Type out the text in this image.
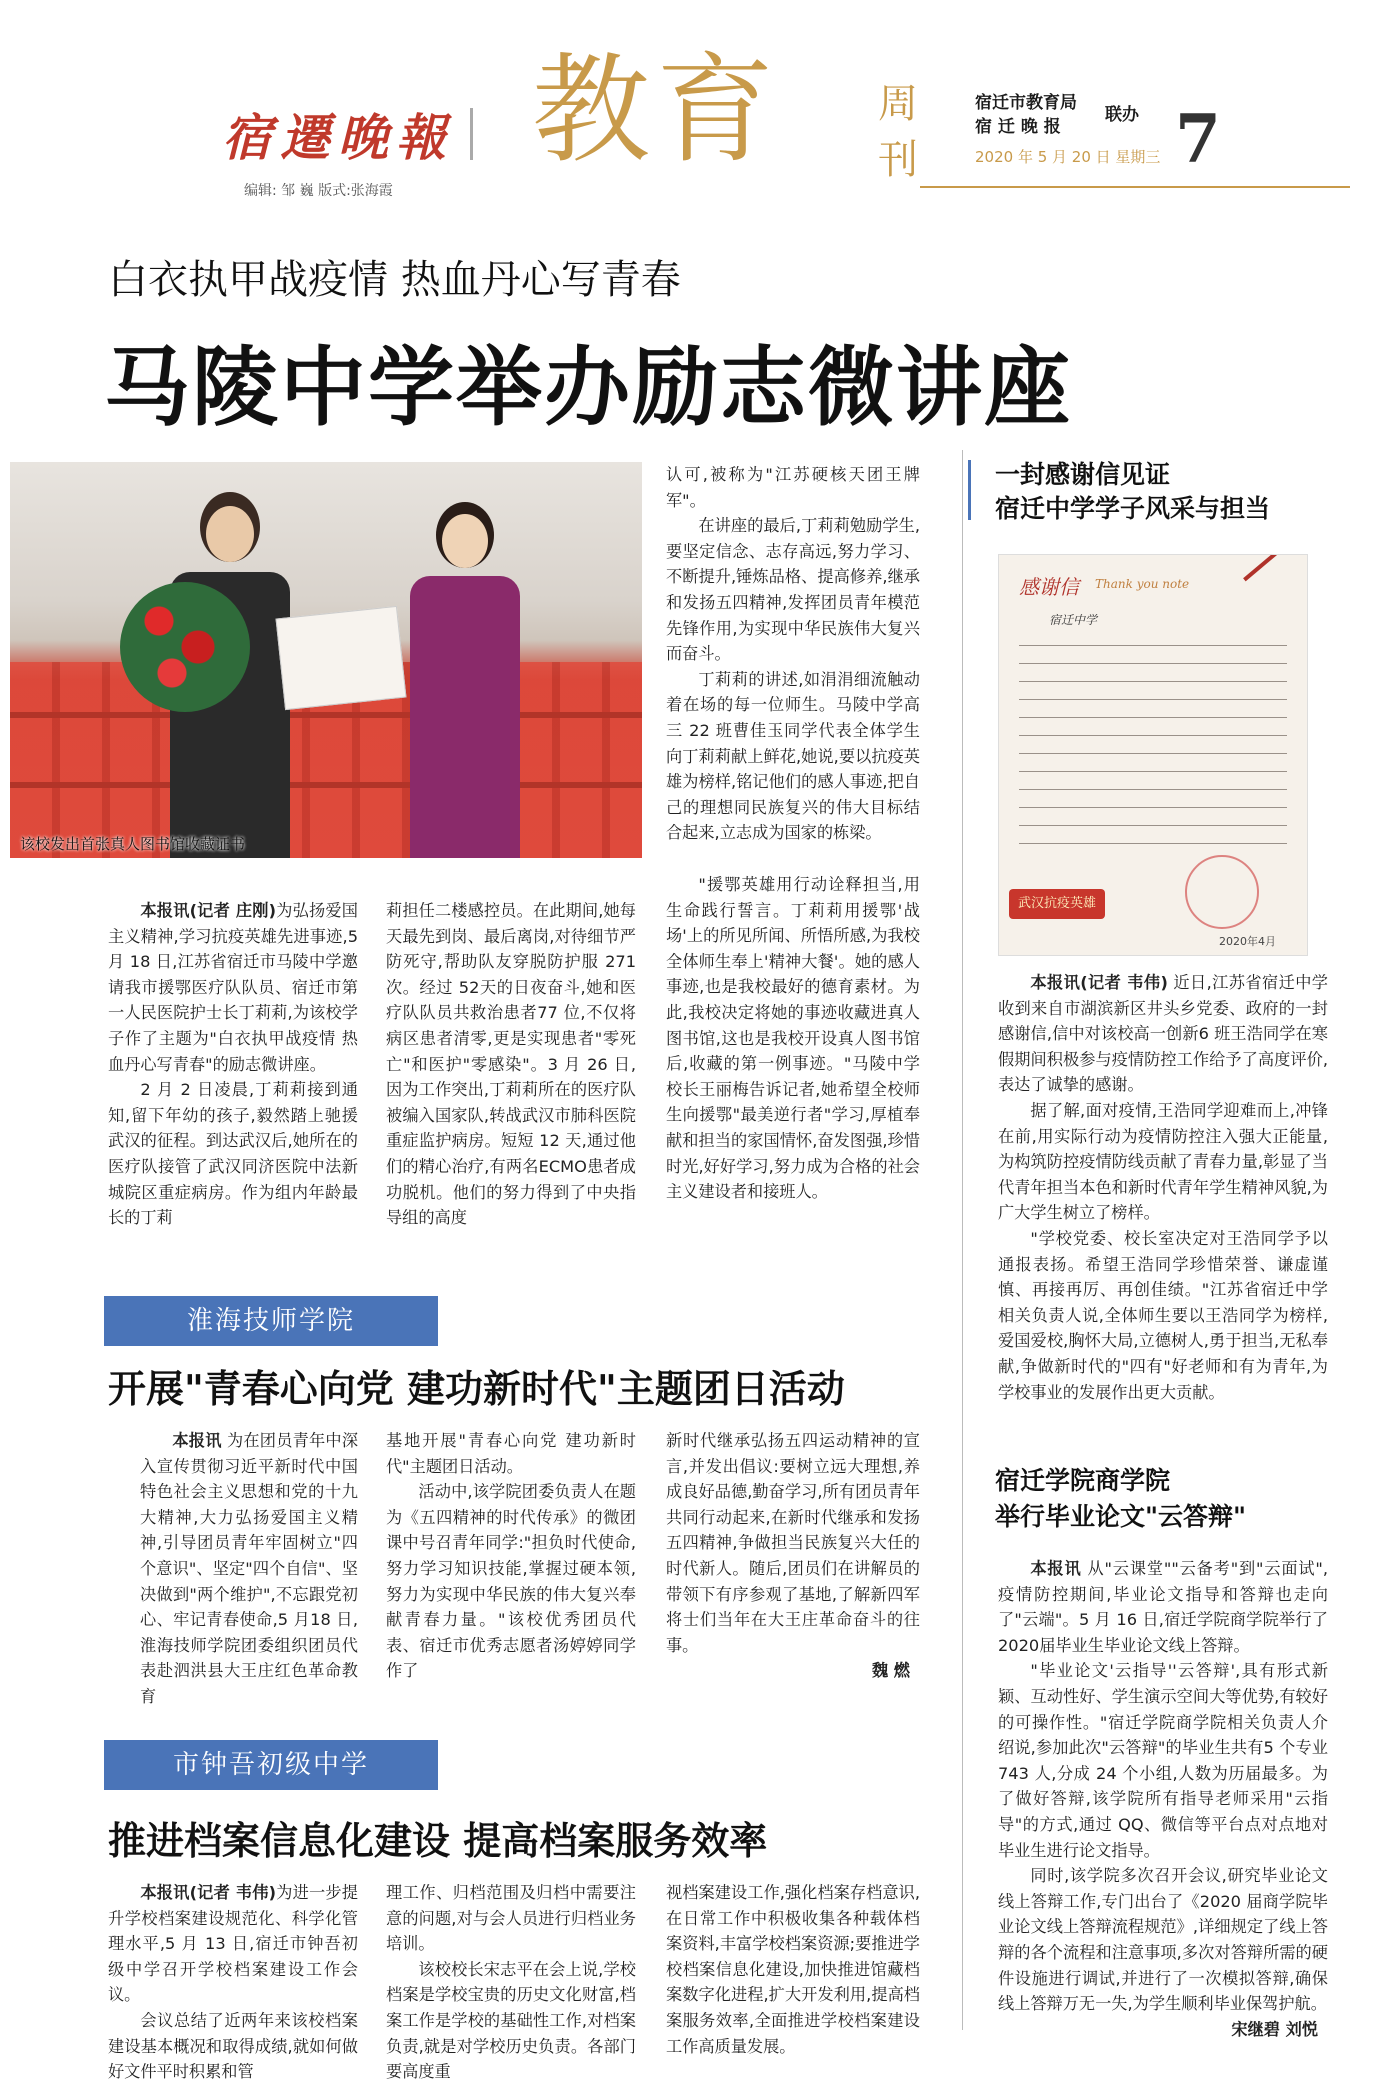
宿遷晚報
编辑: 邹 巍 版式:张海霞
教育 周
刊
宿迁市教育局
宿 迁 晚 报
联办
2020 年 5 月 20 日 星期三 7
白衣执甲战疫情 热血丹心写青春
马陵中学举办励志微讲座
该校发出首张真人图书馆收藏证书

认可,被称为"江苏硬核天团王牌军"。

在讲座的最后,丁莉莉勉励学生,要坚定信念、志存高远,努力学习、不断提升,锤炼品格、提高修养,继承和发扬五四精神,发挥团员青年模范先锋作用,为实现中华民族伟大复兴而奋斗。

丁莉莉的讲述,如涓涓细流触动着在场的每一位师生。马陵中学高三 22 班曹佳玉同学代表全体学生向丁莉莉献上鲜花,她说,要以抗疫英雄为榜样,铭记他们的感人事迹,把自己的理想同民族复兴的伟大目标结合起来,立志成为国家的栋梁。

本报讯(记者 庄刚)为弘扬爱国主义精神,学习抗疫英雄先进事迹,5 月 18 日,江苏省宿迁市马陵中学邀请我市援鄂医疗队队员、宿迁市第一人民医院护士长丁莉莉,为该校学子作了主题为"白衣执甲战疫情 热血丹心写青春"的励志微讲座。

2 月 2 日凌晨,丁莉莉接到通知,留下年幼的孩子,毅然踏上驰援武汉的征程。到达武汉后,她所在的医疗队接管了武汉同济医院中法新城院区重症病房。作为组内年龄最长的丁莉

莉担任二楼感控员。在此期间,她每天最先到岗、最后离岗,对待细节严防死守,帮助队友穿脱防护服 271 次。经过 52天的日夜奋斗,她和医疗队队员共救治患者77 位,不仅将病区患者清零,更是实现患者"零死亡"和医护"零感染"。3 月 26 日,因为工作突出,丁莉莉所在的医疗队被编入国家队,转战武汉市肺科医院重症监护病房。短短 12 天,通过他们的精心治疗,有两名ECMO患者成功脱机。他们的努力得到了中央指导组的高度

"援鄂英雄用行动诠释担当,用生命践行誓言。丁莉莉用援鄂'战场'上的所见所闻、所悟所感,为我校全体师生奉上'精神大餐'。她的感人事迹,也是我校最好的德育素材。为此,我校决定将她的事迹收藏进真人图书馆,这也是我校开设真人图书馆后,收藏的第一例事迹。"马陵中学校长王丽梅告诉记者,她希望全校师生向援鄂"最美逆行者"学习,厚植奉献和担当的家国情怀,奋发图强,珍惜时光,好好学习,努力成为合格的社会主义建设者和接班人。

淮海技师学院
开展"青春心向党 建功新时代"主题团日活动

本报讯 为在团员青年中深入宣传贯彻习近平新时代中国特色社会主义思想和党的十九大精神,大力弘扬爱国主义精神,引导团员青年牢固树立"四个意识"、坚定"四个自信"、坚决做到"两个维护",不忘跟党初心、牢记青春使命,5 月18 日,淮海技师学院团委组织团员代表赴泗洪县大王庄红色革命教育

基地开展"青春心向党 建功新时代"主题团日活动。

活动中,该学院团委负责人在题为《五四精神的时代传承》的微团课中号召青年同学:"担负时代使命,努力学习知识技能,掌握过硬本领,努力为实现中华民族的伟大复兴奉献青春力量。"该校优秀团员代表、宿迁市优秀志愿者汤婷婷同学作了

新时代继承弘扬五四运动精神的宣言,并发出倡议:要树立远大理想,养成良好品德,勤奋学习,所有团员青年共同行动起来,在新时代继承和发扬五四精神,争做担当民族复兴大任的时代新人。随后,团员们在讲解员的带领下有序参观了基地,了解新四军将士们当年在大王庄革命奋斗的往事。

魏 燃
市钟吾初级中学
推进档案信息化建设 提高档案服务效率

本报讯(记者 韦伟)为进一步提升学校档案建设规范化、科学化管理水平,5 月 13 日,宿迁市钟吾初级中学召开学校档案建设工作会议。

会议总结了近两年来该校档案建设基本概况和取得成绩,就如何做好文件平时积累和管

理工作、归档范围及归档中需要注意的问题,对与会人员进行归档业务培训。

该校校长宋志平在会上说,学校档案是学校宝贵的历史文化财富,档案工作是学校的基础性工作,对档案负责,就是对学校历史负责。各部门要高度重

视档案建设工作,强化档案存档意识,在日常工作中积极收集各种载体档案资料,丰富学校档案资源;要推进学校档案信息化建设,加快推进馆藏档案数字化进程,扩大开发利用,提高档案服务效率,全面推进学校档案建设工作高质量发展。

一封感谢信见证
宿迁中学学子风采与担当
感谢信 Thank you note
宿迁中学
武汉抗疫英雄
2020年4月

本报讯(记者 韦伟) 近日,江苏省宿迁中学收到来自市湖滨新区井头乡党委、政府的一封感谢信,信中对该校高一创新6 班王浩同学在寒假期间积极参与疫情防控工作给予了高度评价,表达了诚挚的感谢。

据了解,面对疫情,王浩同学迎难而上,冲锋在前,用实际行动为疫情防控注入强大正能量,为构筑防控疫情防线贡献了青春力量,彰显了当代青年担当本色和新时代青年学生精神风貌,为广大学生树立了榜样。

"学校党委、校长室决定对王浩同学予以通报表扬。希望王浩同学珍惜荣誉、谦虚谨慎、再接再厉、再创佳绩。"江苏省宿迁中学相关负责人说,全体师生要以王浩同学为榜样,爱国爱校,胸怀大局,立德树人,勇于担当,无私奉献,争做新时代的"四有"好老师和有为青年,为学校事业的发展作出更大贡献。

宿迁学院商学院
举行毕业论文"云答辩"

本报讯 从"云课堂""云备考"到"云面试",疫情防控期间,毕业论文指导和答辩也走向了"云端"。5 月 16 日,宿迁学院商学院举行了2020届毕业生毕业论文线上答辩。

"毕业论文'云指导''云答辩',具有形式新颖、互动性好、学生演示空间大等优势,有较好的可操作性。"宿迁学院商学院相关负责人介绍说,参加此次"云答辩"的毕业生共有5 个专业 743 人,分成 24 个小组,人数为历届最多。为了做好答辩,该学院所有指导老师采用"云指导"的方式,通过 QQ、微信等平台点对点地对毕业生进行论文指导。

同时,该学院多次召开会议,研究毕业论文线上答辩工作,专门出台了《2020 届商学院毕业论文线上答辩流程规范》,详细规定了线上答辩的各个流程和注意事项,多次对答辩所需的硬件设施进行调试,并进行了一次模拟答辩,确保线上答辩万无一失,为学生顺利毕业保驾护航。

宋继碧 刘悦
